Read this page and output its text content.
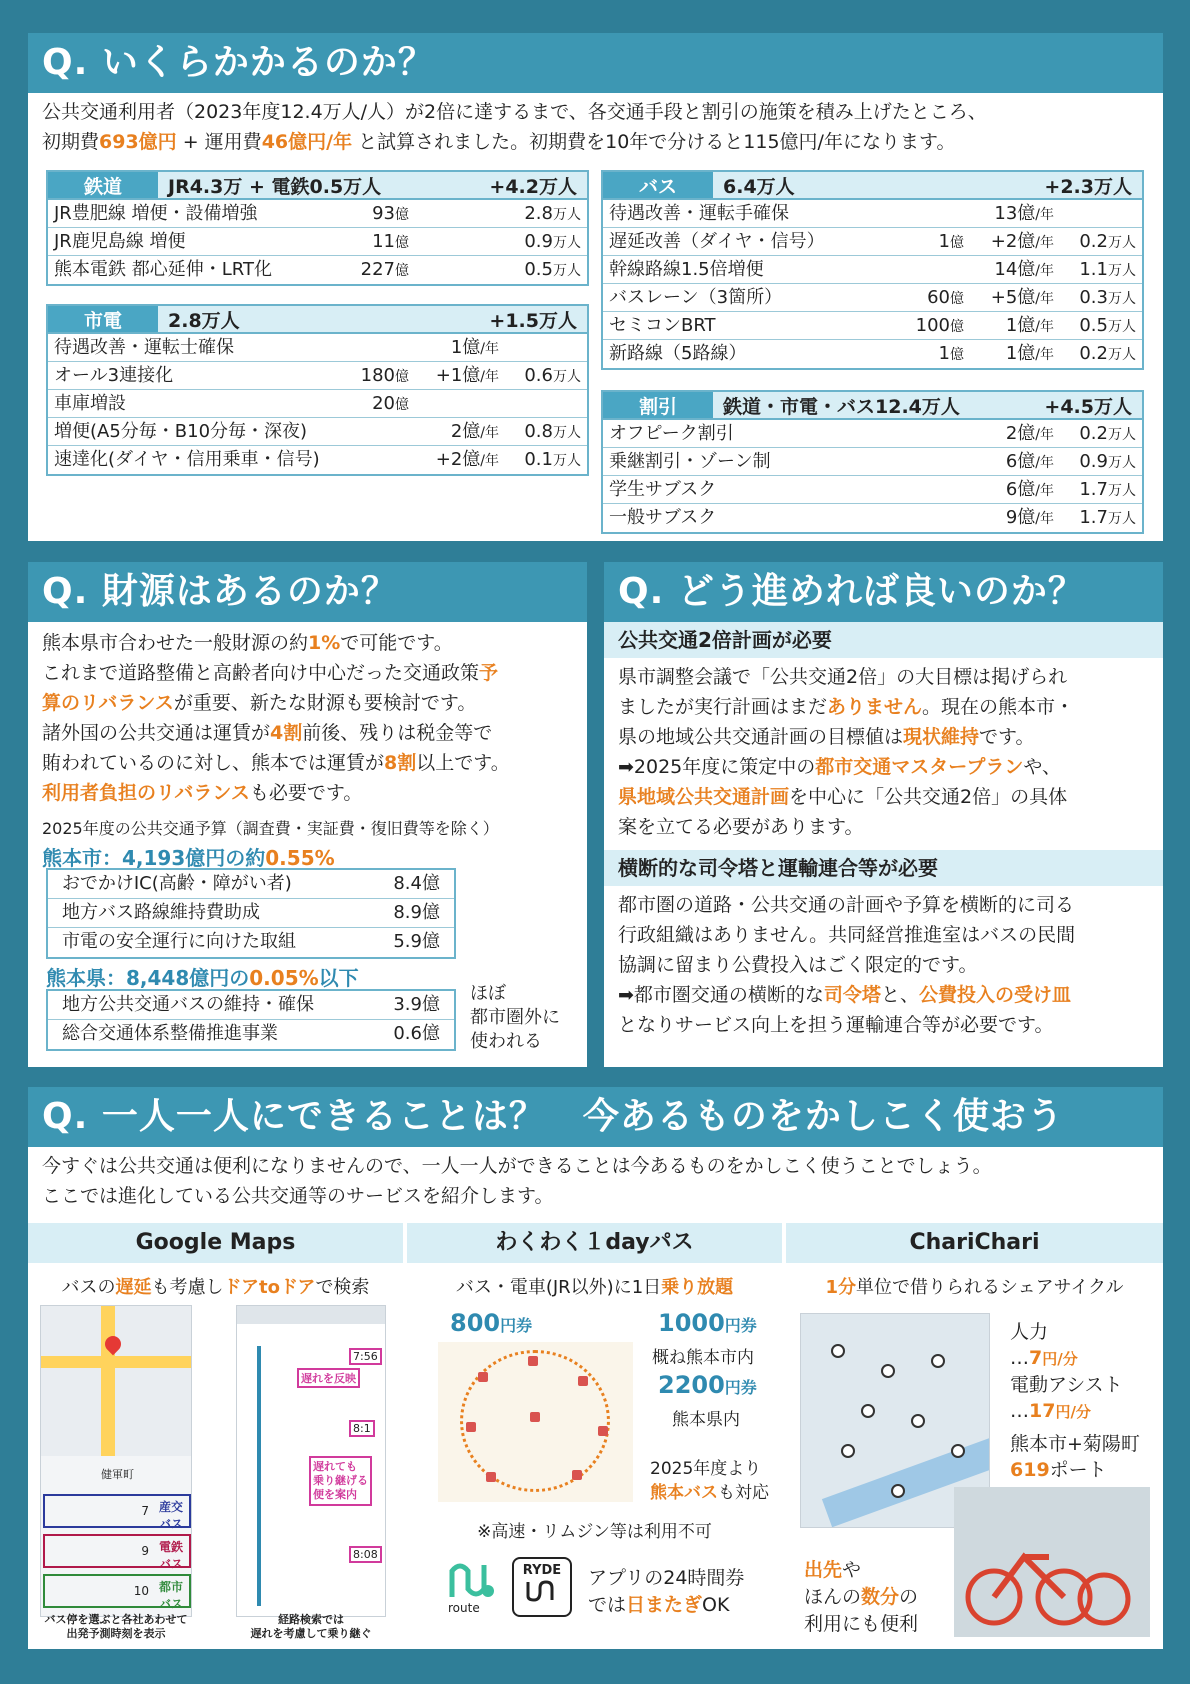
Q. いくらかかるのか？
公共交通利用者（2023年度12.4万人/人）が2倍に達するまで、各交通手段と割引の施策を積み上げたところ、
初期費693億円 + 運用費46億円/年 と試算されました。初期費を10年で分けると115億円/年になります。
鉄道	JR4.3万 + 電鉄0.5万人	+4.2万人
JR豊肥線 増便・設備増強	93億	2.8万人
JR鹿児島線 増便	11億	0.9万人
熊本電鉄 都心延伸・LRT化	227億	0.5万人
市電	2.8万人	+1.5万人
待遇改善・運転士確保	1億/年
オール3連接化	180億 +1億/年 0.6万人
車庫増設	20億
増便(A5分毎・B10分毎・深夜)	2億/年 0.8万人
速達化(ダイヤ・信用乗車・信号)	+2億/年 0.1万人
バス	6.4万人	+2.3万人
待遇改善・運転手確保	13億/年
遅延改善（ダイヤ・信号）	1億 +2億/年 0.2万人
幹線路線1.5倍増便	14億/年 1.1万人
バスレーン（3箇所）	60億 +5億/年 0.3万人
セミコンBRT	100億 1億/年 0.5万人
新路線（5路線）	1億 1億/年 0.2万人
割引	鉄道・市電・バス12.4万人	+4.5万人
オフピーク割引	2億/年 0.2万人
乗継割引・ゾーン制	6億/年 0.9万人
学生サブスク	6億/年 1.7万人
一般サブスク	9億/年 1.7万人
Q. 財源はあるのか？
熊本県市合わせた一般財源の約1%で可能です。
これまで道路整備と高齢者向け中心だった交通政策予
算のリバランスが重要、新たな財源も要検討です。
諸外国の公共交通は運賃が4割前後、残りは税金等で
賄われているのに対し、熊本では運賃が8割以上です。
利用者負担のリバランスも必要です。
2025年度の公共交通予算（調査費・実証費・復旧費等を除く）
熊本市：4,193億円の約0.55%
おでかけIC(高齢・障がい者)	8.4億
地方バス路線維持費助成	8.9億
市電の安全運行に向けた取組	5.9億
熊本県：8,448億円の0.05%以下
地方公共交通バスの維持・確保	3.9億
総合交通体系整備推進事業	0.6億
ほぼ
都市圏外に
使われる
Q. どう進めれば良いのか？
公共交通2倍計画が必要
県市調整会議で「公共交通2倍」の大目標は掲げられ
ましたが実行計画はまだありません。現在の熊本市・
県の地域公共交通計画の目標値は現状維持です。
➡2025年度に策定中の都市交通マスタープランや、
県地域公共交通計画を中心に「公共交通2倍」の具体
案を立てる必要があります。
横断的な司令塔と運輸連合等が必要
都市圏の道路・公共交通の計画や予算を横断的に司る
行政組織はありません。共同経営推進室はバスの民間
協調に留まり公費投入はごく限定的です。
➡都市圏交通の横断的な司令塔と、公費投入の受け皿
となりサービス向上を担う運輸連合等が必要です。
Q. 一人一人にできることは？　今あるものをかしこく使おう
今すぐは公共交通は便利になりませんので、一人一人ができることは今あるものをかしこく使うことでしょう。
ここでは進化している公共交通等のサービスを紹介します。
Google Maps
バスの遅延も考慮しドアtoドアで検索
健軍町
産交バス
7
電鉄バス
9
都市バス
10
7:56
遅れを反映
8:1
遅れても
乗り継げる
便を案内
8:08
バス停を選ぶと各社あわせて
出発予測時刻を表示
経路検索では
遅れを考慮して乗り継ぐ
わくわく１dayパス
バス・電車(JR以外)に1日乗り放題
800円券	1000円券
概ね熊本市内
2200円券
熊本県内
2025年度より
熊本バスも対応
※高速・リムジン等は利用不可
route
RYDE	アプリの24時間券
では日またぎOK
ChariChari
1分単位で借りられるシェアサイクル
人力
…7円/分
電動アシスト
…17円/分
熊本市+菊陽町
619ポート
出先や
ほんの数分の
利用にも便利
